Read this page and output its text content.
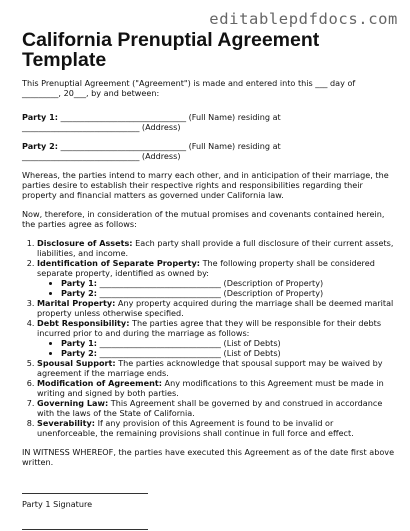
editablepdfdocs.com
California Prenuptial Agreement Template

This Prenuptial Agreement ("Agreement") is made and entered into this ___ day of _________, 20___, by and between:

Party 1: _______________________________ (Full Name) residing at
_____________________________ (Address)
Party 2: _______________________________ (Full Name) residing at
_____________________________ (Address)

Whereas, the parties intend to marry each other, and in anticipation of their marriage, the parties desire to establish their respective rights and responsibilities regarding their property and financial matters as governed under California law.

Now, therefore, in consideration of the mutual promises and covenants contained herein, the parties agree as follows:

1. Disclosure of Assets: Each party shall provide a full disclosure of their current assets, liabilities, and income.
2. Identification of Separate Property: The following property shall be considered separate property, identified as owned by:
• Party 1: ______________________________ (Description of Property)
• Party 2: ______________________________ (Description of Property)
3. Marital Property: Any property acquired during the marriage shall be deemed marital property unless otherwise specified.
4. Debt Responsibility: The parties agree that they will be responsible for their debts incurred prior to and during the marriage as follows:
• Party 1: ______________________________ (List of Debts)
• Party 2: ______________________________ (List of Debts)
5. Spousal Support: The parties acknowledge that spousal support may be waived by agreement if the marriage ends.
6. Modification of Agreement: Any modifications to this Agreement must be made in writing and signed by both parties.
7. Governing Law: This Agreement shall be governed by and construed in accordance with the laws of the State of California.
8. Severability: If any provision of this Agreement is found to be invalid or unenforceable, the remaining provisions shall continue in full force and effect.

IN WITNESS WHEREOF, the parties have executed this Agreement as of the date first above written.

Party 1 Signature
